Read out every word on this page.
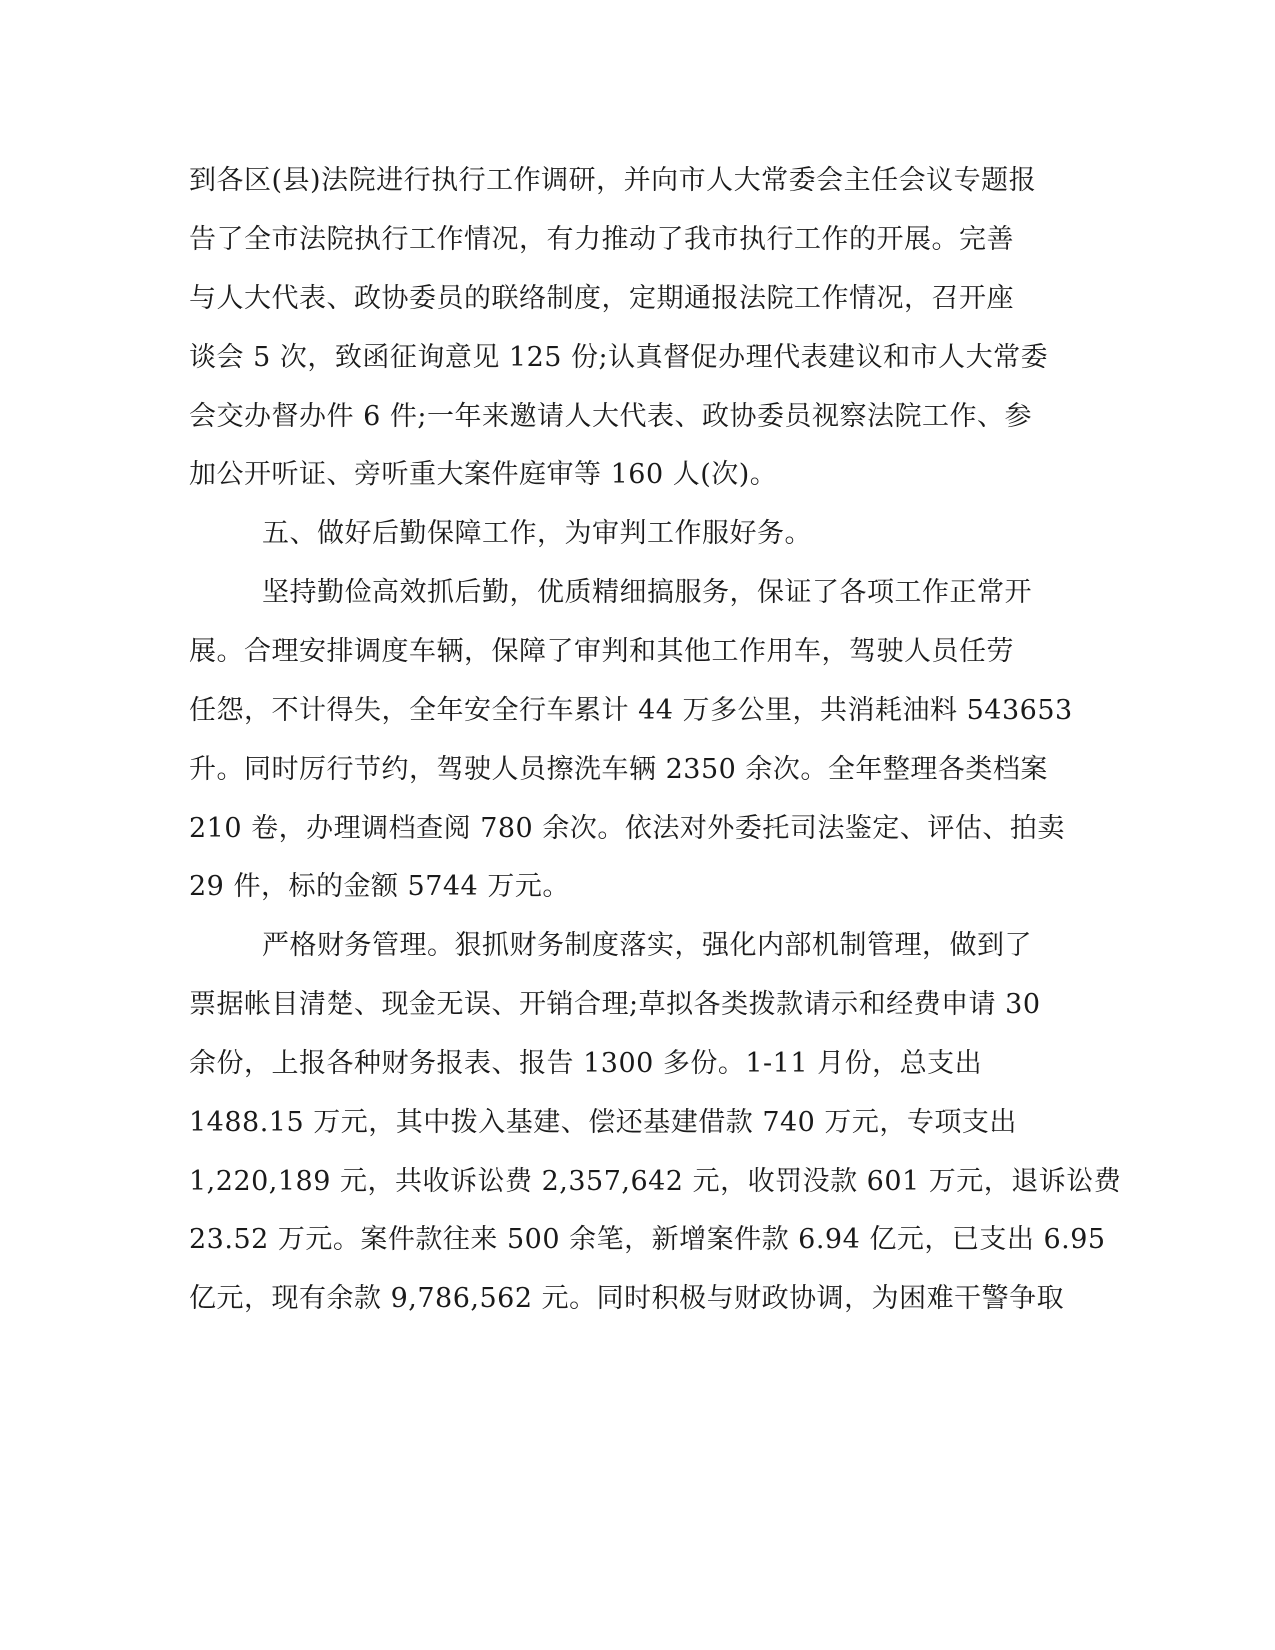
到各区(县)法院进行执行工作调研，并向市人大常委会主任会议专题报
告了全市法院执行工作情况，有力推动了我市执行工作的开展。完善
与人大代表、政协委员的联络制度，定期通报法院工作情况，召开座
谈会 5 次，致函征询意见 125 份;认真督促办理代表建议和市人大常委
会交办督办件 6 件;一年来邀请人大代表、政协委员视察法院工作、参
加公开听证、旁听重大案件庭审等 160 人(次)。
五、做好后勤保障工作，为审判工作服好务。
坚持勤俭高效抓后勤，优质精细搞服务，保证了各项工作正常开
展。合理安排调度车辆，保障了审判和其他工作用车，驾驶人员任劳
任怨，不计得失，全年安全行车累计 44 万多公里，共消耗油料 543653
升。同时厉行节约，驾驶人员擦洗车辆 2350 余次。全年整理各类档案
210 卷，办理调档查阅 780 余次。依法对外委托司法鉴定、评估、拍卖
29 件，标的金额 5744 万元。
严格财务管理。狠抓财务制度落实，强化内部机制管理，做到了
票据帐目清楚、现金无误、开销合理;草拟各类拨款请示和经费申请 30
余份，上报各种财务报表、报告 1300 多份。1-11 月份，总支出
1488.15 万元，其中拨入基建、偿还基建借款 740 万元，专项支出
1,220,189 元，共收诉讼费 2,357,642 元，收罚没款 601 万元，退诉讼费
23.52 万元。案件款往来 500 余笔，新增案件款 6.94 亿元，已支出 6.95
亿元，现有余款 9,786,562 元。同时积极与财政协调，为困难干警争取
